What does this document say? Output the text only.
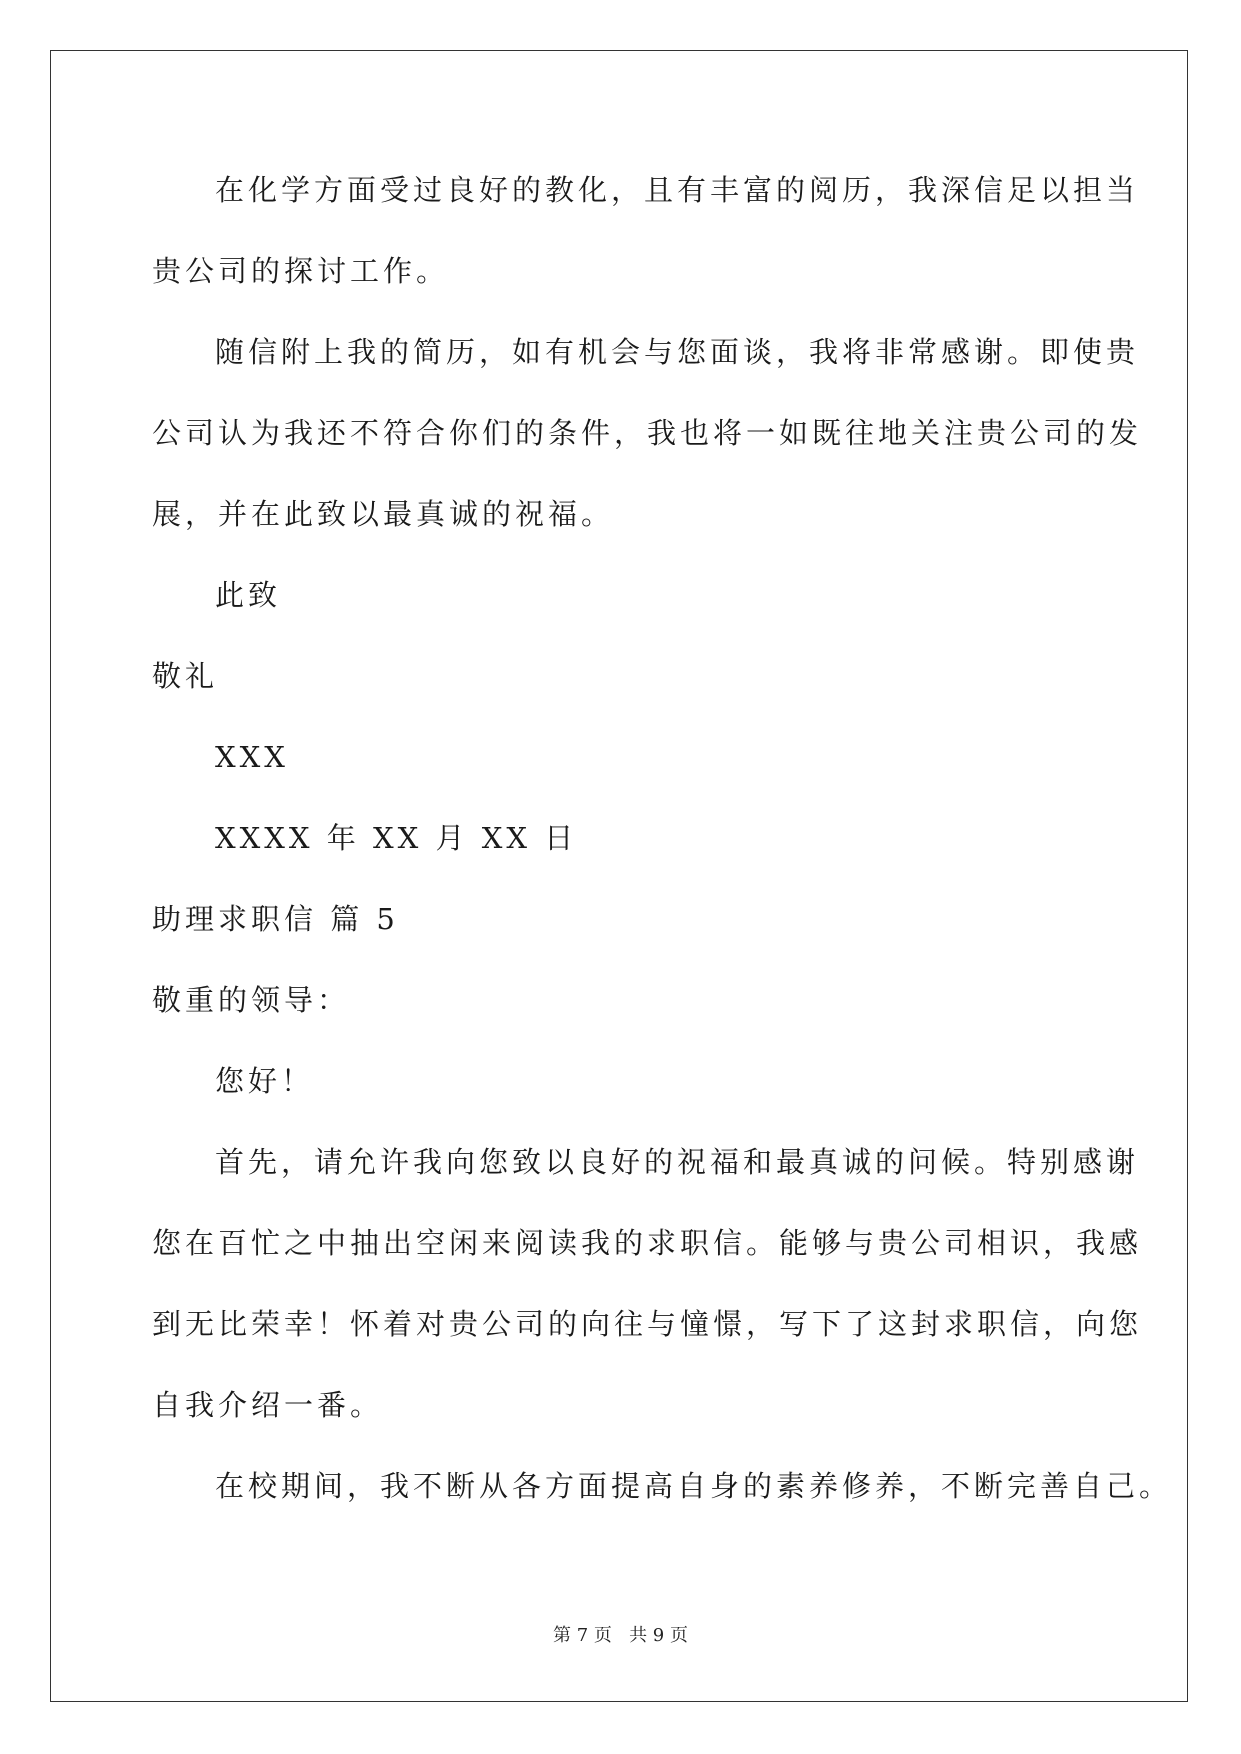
在化学方面受过良好的教化，且有丰富的阅历，我深信足以担当
贵公司的探讨工作。
随信附上我的简历，如有机会与您面谈，我将非常感谢。即使贵
公司认为我还不符合你们的条件，我也将一如既往地关注贵公司的发
展，并在此致以最真诚的祝福。
此致
敬礼
XXX
XXXX 年 XX 月 XX 日
助理求职信 篇 5
敬重的领导：
您好！
首先，请允许我向您致以良好的祝福和最真诚的问候。特别感谢
您在百忙之中抽出空闲来阅读我的求职信。能够与贵公司相识，我感
到无比荣幸！怀着对贵公司的向往与憧憬，写下了这封求职信，向您
自我介绍一番。
在校期间，我不断从各方面提高自身的素养修养，不断完善自己。
第 7 页   共 9 页
